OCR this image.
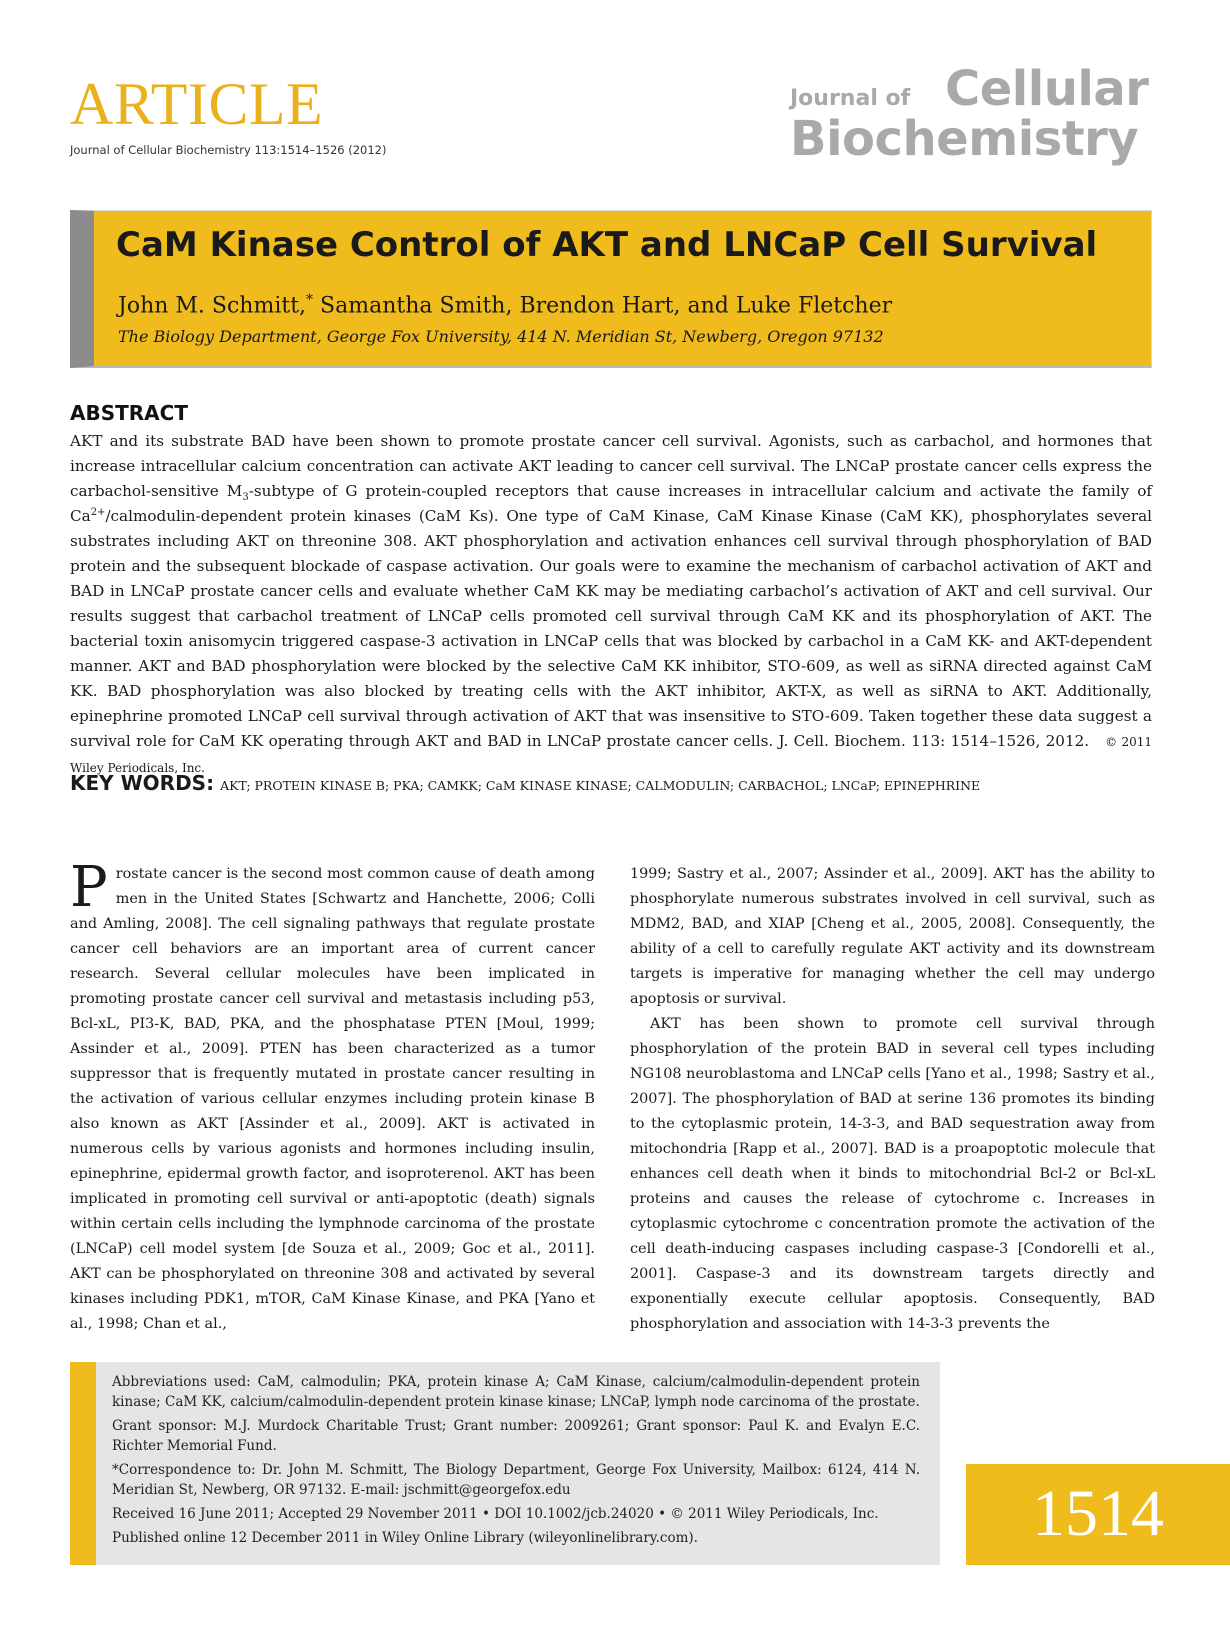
ARTICLE
Journal of Cellular Biochemistry 113:1514–1526 (2012)
Journal of Cellular
Biochemistry
CaM Kinase Control of AKT and LNCaP Cell Survival
John M. Schmitt,* Samantha Smith, Brendon Hart, and Luke Fletcher
The Biology Department, George Fox University, 414 N. Meridian St, Newberg, Oregon 97132
ABSTRACT
AKT and its substrate BAD have been shown to promote prostate cancer cell survival. Agonists, such as carbachol, and hormones that increase intracellular calcium concentration can activate AKT leading to cancer cell survival. The LNCaP prostate cancer cells express the carbachol-sensitive $M_3$-subtype of G protein-coupled receptors that cause increases in intracellular calcium and activate the family of $Ca^{2+}/calmodulin$-dependent protein kinases (CaM Ks). One type of CaM Kinase, CaM Kinase Kinase (CaM KK), phosphorylates several substrates including AKT on threonine 308. AKT phosphorylation and activation enhances cell survival through phosphorylation of BAD protein and the subsequent blockade of caspase activation. Our goals were to examine the mechanism of carbachol activation of AKT and BAD in LNCaP prostate cancer cells and evaluate whether CaM KK may be mediating carbachol’s activation of AKT and cell survival. Our results suggest that carbachol treatment of LNCaP cells promoted cell survival through CaM KK and its phosphorylation of AKT. The bacterial toxin anisomycin triggered caspase-3 activation in LNCaP cells that was blocked by carbachol in a CaM KK- and AKT-dependent manner. AKT and BAD phosphorylation were blocked by the selective CaM KK inhibitor, STO-609, as well as siRNA directed against CaM KK. BAD phosphorylation was also blocked by treating cells with the AKT inhibitor, AKT-X, as well as siRNA to AKT. Additionally, epinephrine promoted LNCaP cell survival through activation of AKT that was insensitive to STO-609. Taken together these data suggest a survival role for CaM KK operating through AKT and BAD in LNCaP prostate cancer cells. J. Cell. Biochem. 113: 1514–1526, 2012. © 2011 Wiley Periodicals, Inc.
KEY WORDS: AKT; PROTEIN KINASE B; PKA; CAMKK; CaM KINASE KINASE; CALMODULIN; CARBACHOL; LNCaP; EPINEPHRINE

Prostate cancer is the second most common cause of death among men in the United States [Schwartz and Hanchette, 2006; Colli and Amling, 2008]. The cell signaling pathways that regulate prostate cancer cell behaviors are an important area of current cancer research. Several cellular molecules have been implicated in promoting prostate cancer cell survival and metastasis including p53, Bcl-xL, PI3-K, BAD, PKA, and the phosphatase PTEN [Moul, 1999; Assinder et al., 2009]. PTEN has been characterized as a tumor suppressor that is frequently mutated in prostate cancer resulting in the activation of various cellular enzymes including protein kinase B also known as AKT [Assinder et al., 2009]. AKT is activated in numerous cells by various agonists and hormones including insulin, epinephrine, epidermal growth factor, and isoproterenol. AKT has been implicated in promoting cell survival or anti-apoptotic (death) signals within certain cells including the lymphnode carcinoma of the prostate (LNCaP) cell model system [de Souza et al., 2009; Goc et al., 2011]. AKT can be phosphorylated on threonine 308 and activated by several kinases including PDK1, mTOR, CaM Kinase Kinase, and PKA [Yano et al., 1998; Chan et al.,

1999; Sastry et al., 2007; Assinder et al., 2009]. AKT has the ability to phosphorylate numerous substrates involved in cell survival, such as MDM2, BAD, and XIAP [Cheng et al., 2005, 2008]. Consequently, the ability of a cell to carefully regulate AKT activity and its downstream targets is imperative for managing whether the cell may undergo apoptosis or survival.

AKT has been shown to promote cell survival through phosphorylation of the protein BAD in several cell types including NG108 neuroblastoma and LNCaP cells [Yano et al., 1998; Sastry et al., 2007]. The phosphorylation of BAD at serine 136 promotes its binding to the cytoplasmic protein, 14-3-3, and BAD sequestration away from mitochondria [Rapp et al., 2007]. BAD is a proapoptotic molecule that enhances cell death when it binds to mitochondrial Bcl-2 or Bcl-xL proteins and causes the release of cytochrome c. Increases in cytoplasmic cytochrome c concentration promote the activation of the cell death-inducing caspases including caspase-3 [Condorelli et al., 2001]. Caspase-3 and its downstream targets directly and exponentially execute cellular apoptosis. Consequently, BAD phosphorylation and association with 14-3-3 prevents the

Abbreviations used: CaM, calmodulin; PKA, protein kinase A; CaM Kinase, calcium/calmodulin-dependent protein kinase; CaM KK, calcium/calmodulin-dependent protein kinase kinase; LNCaP, lymph node carcinoma of the prostate.

Grant sponsor: M.J. Murdock Charitable Trust; Grant number: 2009261; Grant sponsor: Paul K. and Evalyn E.C. Richter Memorial Fund.

*Correspondence to: Dr. John M. Schmitt, The Biology Department, George Fox University, Mailbox: 6124, 414 N. Meridian St, Newberg, OR 97132. E-mail: jschmitt@georgefox.edu

Received 16 June 2011; Accepted 29 November 2011 • DOI 10.1002/jcb.24020 • © 2011 Wiley Periodicals, Inc.

Published online 12 December 2011 in Wiley Online Library (wileyonlinelibrary.com).	1514
